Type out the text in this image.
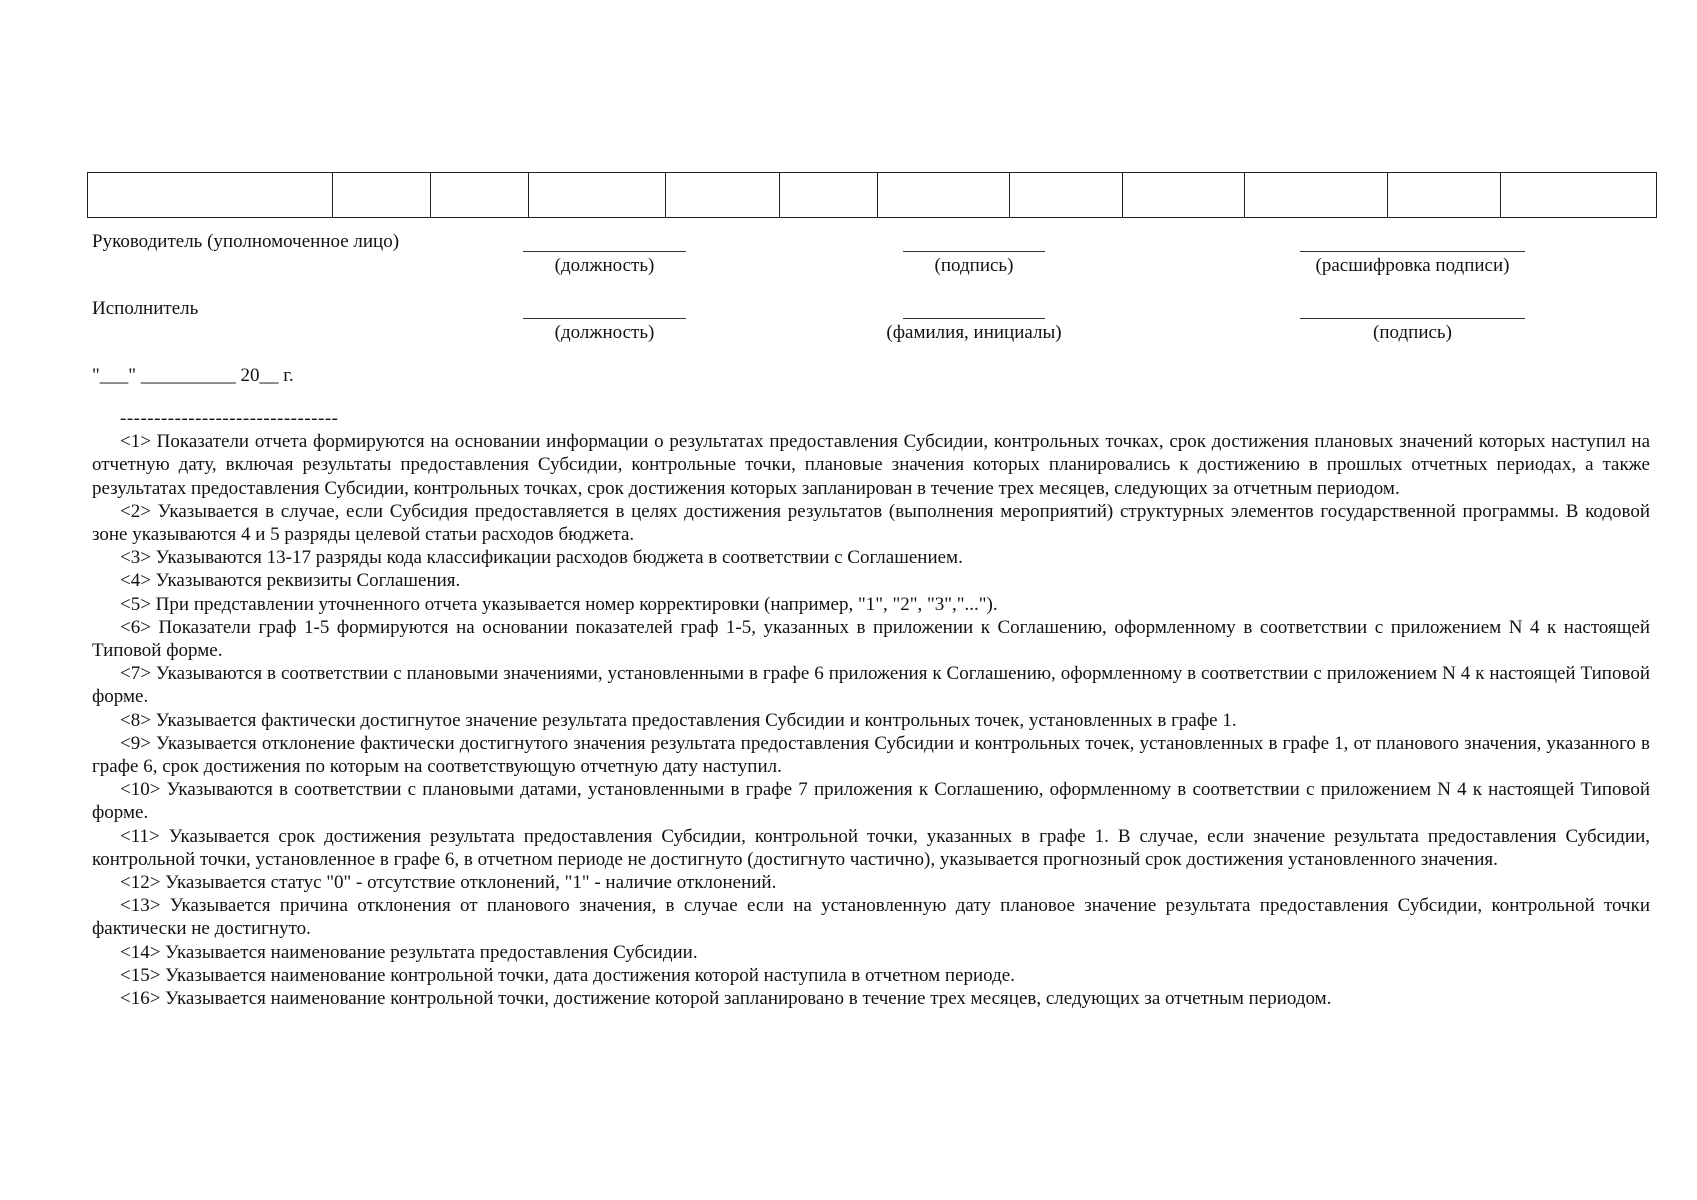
Руководитель (уполномоченное лицо)
(должность)	(подпись)	(расшифровка подписи)
Исполнитель
(должность)	(фамилия, инициалы)	(подпись)
"___" __________ 20__ г.
--------------------------------

<1> Показатели отчета формируются на основании информации о результатах предоставления Субсидии, контрольных точках, срок достижения плановых значений которых наступил на отчетную дату, включая результаты предоставления Субсидии, контрольные точки, плановые значения которых планировались к достижению в прошлых отчетных периодах, а также результатах предоставления Субсидии, контрольных точках, срок достижения которых запланирован в течение трех месяцев, следующих за отчетным периодом.

<2> Указывается в случае, если Субсидия предоставляется в целях достижения результатов (выполнения мероприятий) структурных элементов государственной программы. В кодовой зоне указываются 4 и 5 разряды целевой статьи расходов бюджета.

<3> Указываются 13-17 разряды кода классификации расходов бюджета в соответствии с Соглашением.

<4> Указываются реквизиты Соглашения.

<5> При представлении уточненного отчета указывается номер корректировки (например, "1", "2", "3","...").

<6> Показатели граф 1-5 формируются на основании показателей граф 1-5, указанных в приложении к Соглашению, оформленному в соответствии с приложением N 4 к настоящей Типовой форме.

<7> Указываются в соответствии с плановыми значениями, установленными в графе 6 приложения к Соглашению, оформленному в соответствии с приложением N 4 к настоящей Типовой форме.

<8> Указывается фактически достигнутое значение результата предоставления Субсидии и контрольных точек, установленных в графе 1.

<9> Указывается отклонение фактически достигнутого значения результата предоставления Субсидии и контрольных точек, установленных в графе 1, от планового значения, указанного в графе 6, срок достижения по которым на соответствующую отчетную дату наступил.

<10> Указываются в соответствии с плановыми датами, установленными в графе 7 приложения к Соглашению, оформленному в соответствии с приложением N 4 к настоящей Типовой форме.

<11> Указывается срок достижения результата предоставления Субсидии, контрольной точки, указанных в графе 1. В случае, если значение результата предоставления Субсидии, контрольной точки, установленное в графе 6, в отчетном периоде не достигнуто (достигнуто частично), указывается прогнозный срок достижения установленного значения.

<12> Указывается статус "0" - отсутствие отклонений, "1" - наличие отклонений.

<13> Указывается причина отклонения от планового значения, в случае если на установленную дату плановое значение результата предоставления Субсидии, контрольной точки фактически не достигнуто.

<14> Указывается наименование результата предоставления Субсидии.

<15> Указывается наименование контрольной точки, дата достижения которой наступила в отчетном периоде.

<16> Указывается наименование контрольной точки, достижение которой запланировано в течение трех месяцев, следующих за отчетным периодом.
